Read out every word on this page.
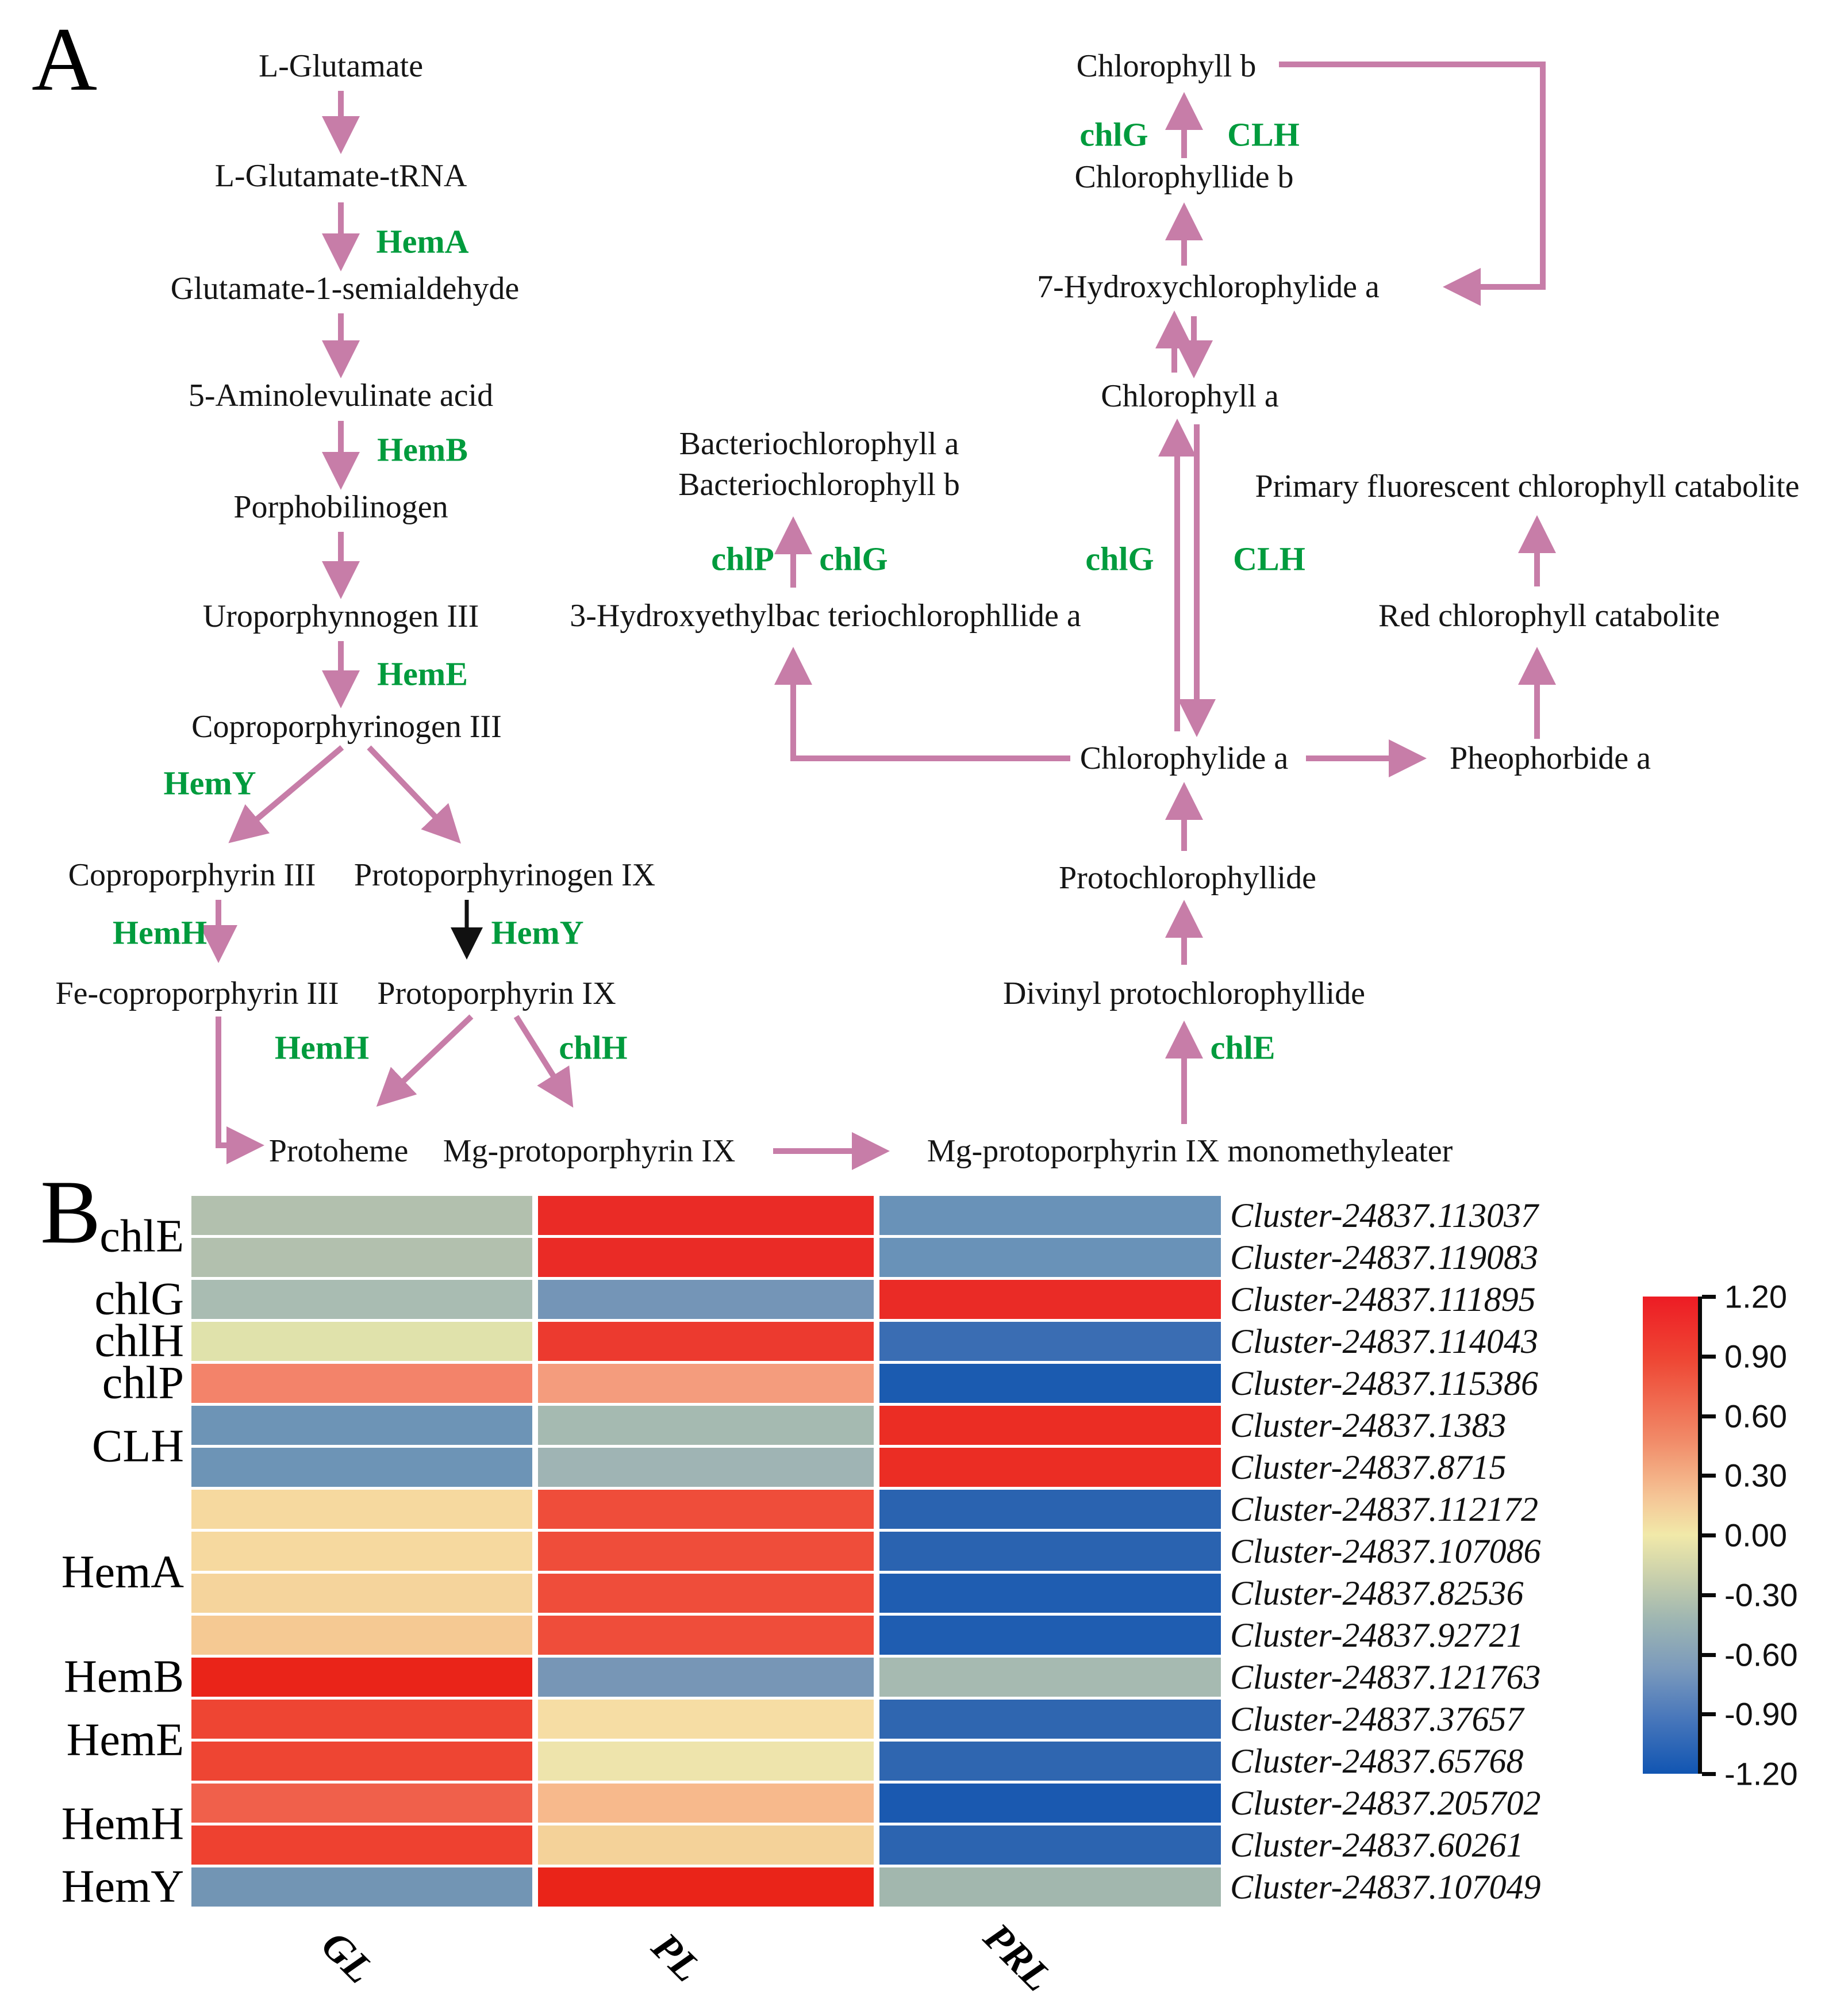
A
B
L-Glutamate
L-Glutamate-tRNA
Glutamate-1-semialdehyde
5-Aminolevulinate acid
Porphobilinogen
Uroporphynnogen III
Coproporphyrinogen III
Coproporphyrin III Protoporphyrinogen IX
Fe-coproporphyrin III Protoporphyrin IX
Protoheme Mg-protoporphyrin IX	Mg-protoporphyrin IX monomethyleater
Chlorophyll b
Chlorophyllide b
7-Hydroxychlorophylide a
Chlorophyll a
Bacteriochlorophyll a
Bacteriochlorophyll b	Primary fluorescent chlorophyll catabolite
3-Hydroxyethylbac teriochlorophllide a	Red chlorophyll catabolite
Chlorophylide a	Pheophorbide a
Protochlorophyllide
Divinyl protochlorophyllide
HemA
HemB
HemE
HemY
HemH	HemY
HemH	chlH
chlP chlG	chlG CLH
chlG CLH
chlE
Cluster-24837.113037
Cluster-24837.119083
Cluster-24837.111895
Cluster-24837.114043
Cluster-24837.115386
Cluster-24837.1383
Cluster-24837.8715
Cluster-24837.112172
Cluster-24837.107086
Cluster-24837.82536
Cluster-24837.92721
Cluster-24837.121763
Cluster-24837.37657
Cluster-24837.65768
Cluster-24837.205702
Cluster-24837.60261
Cluster-24837.107049
chlE
chlG
chlH
chlP
CLH
HemA
HemB
HemE
HemH
HemY
GL	PL	PRL
1.20
0.90
0.60
0.30
0.00
-0.30
-0.60
-0.90
-1.20
